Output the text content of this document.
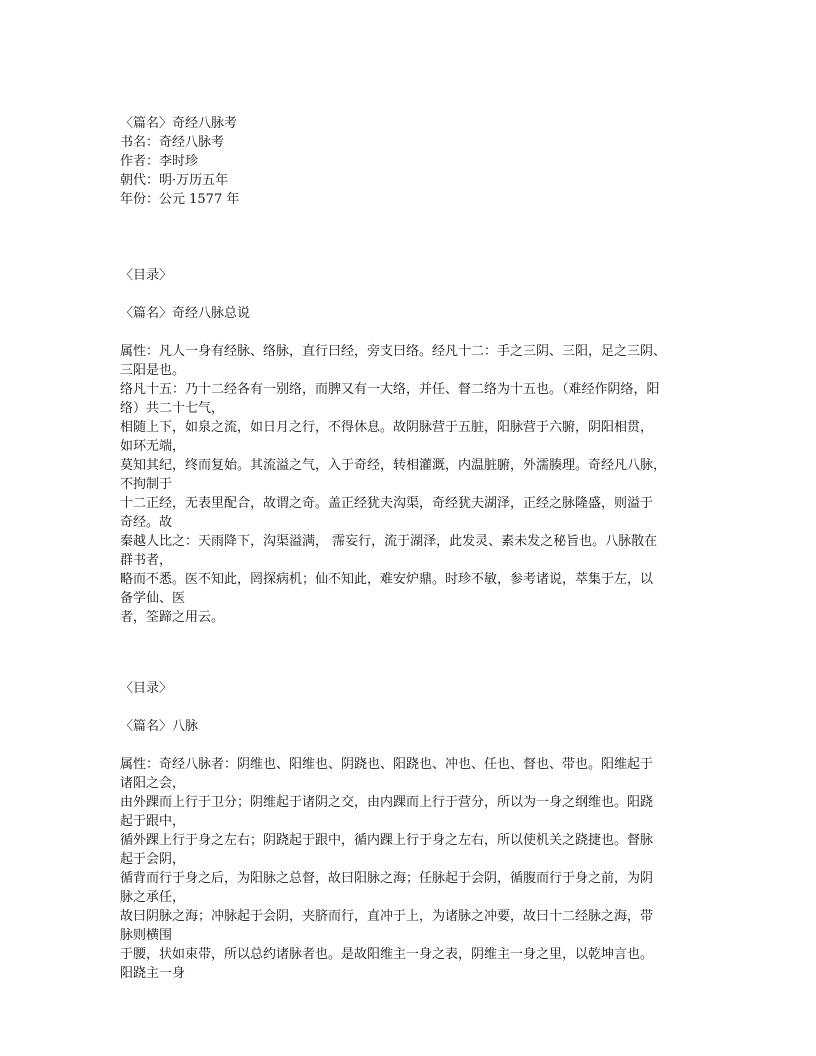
〈篇名〉奇经八脉考
书名：奇经八脉考
作者：李时珍
朝代：明·万历五年
年份：公元 1577 年
〈目录〉
〈篇名〉奇经八脉总说
属性：凡人一身有经脉、络脉，直行曰经，旁支曰络。经凡十二：手之三阴、三阳，足之三阴、
三阳是也。
络凡十五：乃十二经各有一别络，而脾又有一大络，并任、督二络为十五也。（难经作阴络，阳
络）共二十七气，
相随上下，如泉之流，如日月之行，不得休息。故阴脉营于五脏，阳脉营于六腑，阴阳相贯，
如环无端，
莫知其纪，终而复始。其流溢之气，入于奇经，转相灌溉，内温脏腑，外濡腠理。奇经凡八脉，
不拘制于
十二正经，无表里配合，故谓之奇。盖正经犹夫沟渠，奇经犹夫湖泽，正经之脉隆盛，则溢于
奇经。故
秦越人比之：天雨降下，沟渠溢满， 霈妄行，流于湖泽，此发灵、素未发之秘旨也。八脉散在
群书者，
略而不悉。医不知此，罔探病机；仙不知此，难安炉鼎。时珍不敏，参考诸说，萃集于左，以
备学仙、医
者，筌蹄之用云。
〈目录〉
〈篇名〉八脉
属性：奇经八脉者：阴维也、阳维也、阴跷也、阳跷也、冲也、任也、督也、带也。阳维起于
诸阳之会，
由外踝而上行于卫分；阴维起于诸阴之交，由内踝而上行于营分，所以为一身之纲维也。阳跷
起于跟中，
循外踝上行于身之左右；阴跷起于跟中，循内踝上行于身之左右，所以使机关之跷捷也。督脉
起于会阴，
循背而行于身之后，为阳脉之总督，故曰阳脉之海；任脉起于会阴，循腹而行于身之前，为阴
脉之承任，
故曰阴脉之海；冲脉起于会阴，夹脐而行，直冲于上，为诸脉之冲要，故曰十二经脉之海，带
脉则横围
于腰，状如束带，所以总约诸脉者也。是故阳维主一身之表，阴维主一身之里，以乾坤言也。
阳跷主一身
